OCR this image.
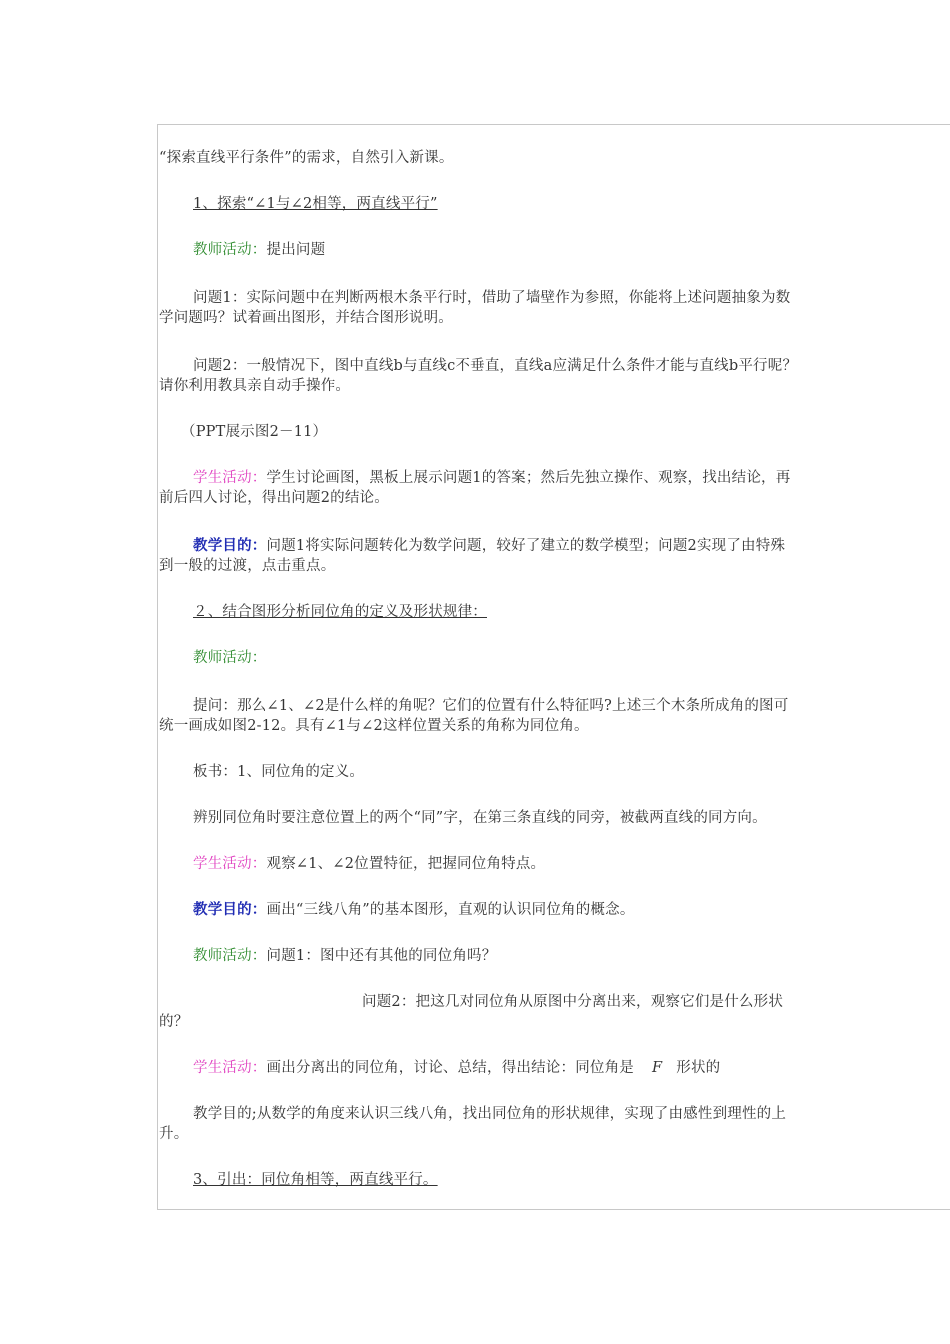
“探索直线平行条件”的需求，自然引入新课。

1、探索“∠1与∠2相等，两直线平行”

教师活动：提出问题

问题1：实际问题中在判断两根木条平行时，借助了墙壁作为参照，你能将上述问题抽象为数学问题吗？试着画出图形，并结合图形说明。

问题2：一般情况下，图中直线b与直线c不垂直，直线a应满足什么条件才能与直线b平行呢？请你利用教具亲自动手操作。

（PPT展示图2－11）

学生活动：学生讨论画图，黑板上展示问题1的答案；然后先独立操作、观察，找出结论，再前后四人讨论，得出问题2的结论。

教学目的：问题1将实际问题转化为数学问题，较好了建立的数学模型；问题2实现了由特殊到一般的过渡，点击重点。

２、结合图形分析同位角的定义及形状规律：

教师活动：

提问：那么∠1、∠2是什么样的角呢？它们的位置有什么特征吗?上述三个木条所成角的图可统一画成如图2-12。具有∠1与∠2这样位置关系的角称为同位角。

板书：1、同位角的定义。

辨别同位角时要注意位置上的两个“同”字，在第三条直线的同旁，被截两直线的同方向。

学生活动：观察∠1、∠2位置特征，把握同位角特点。

教学目的：画出“三线八角”的基本图形，直观的认识同位角的概念。

教师活动：问题1：图中还有其他的同位角吗？

问题2：把这几对同位角从原图中分离出来，观察它们是什么形状的？

学生活动：画出分离出的同位角，讨论、总结，得出结论：同位角是 F 形状的

教学目的;从数学的角度来认识三线八角，找出同位角的形状规律，实现了由感性到理性的上升。

3、引出：同位角相等，两直线平行。
